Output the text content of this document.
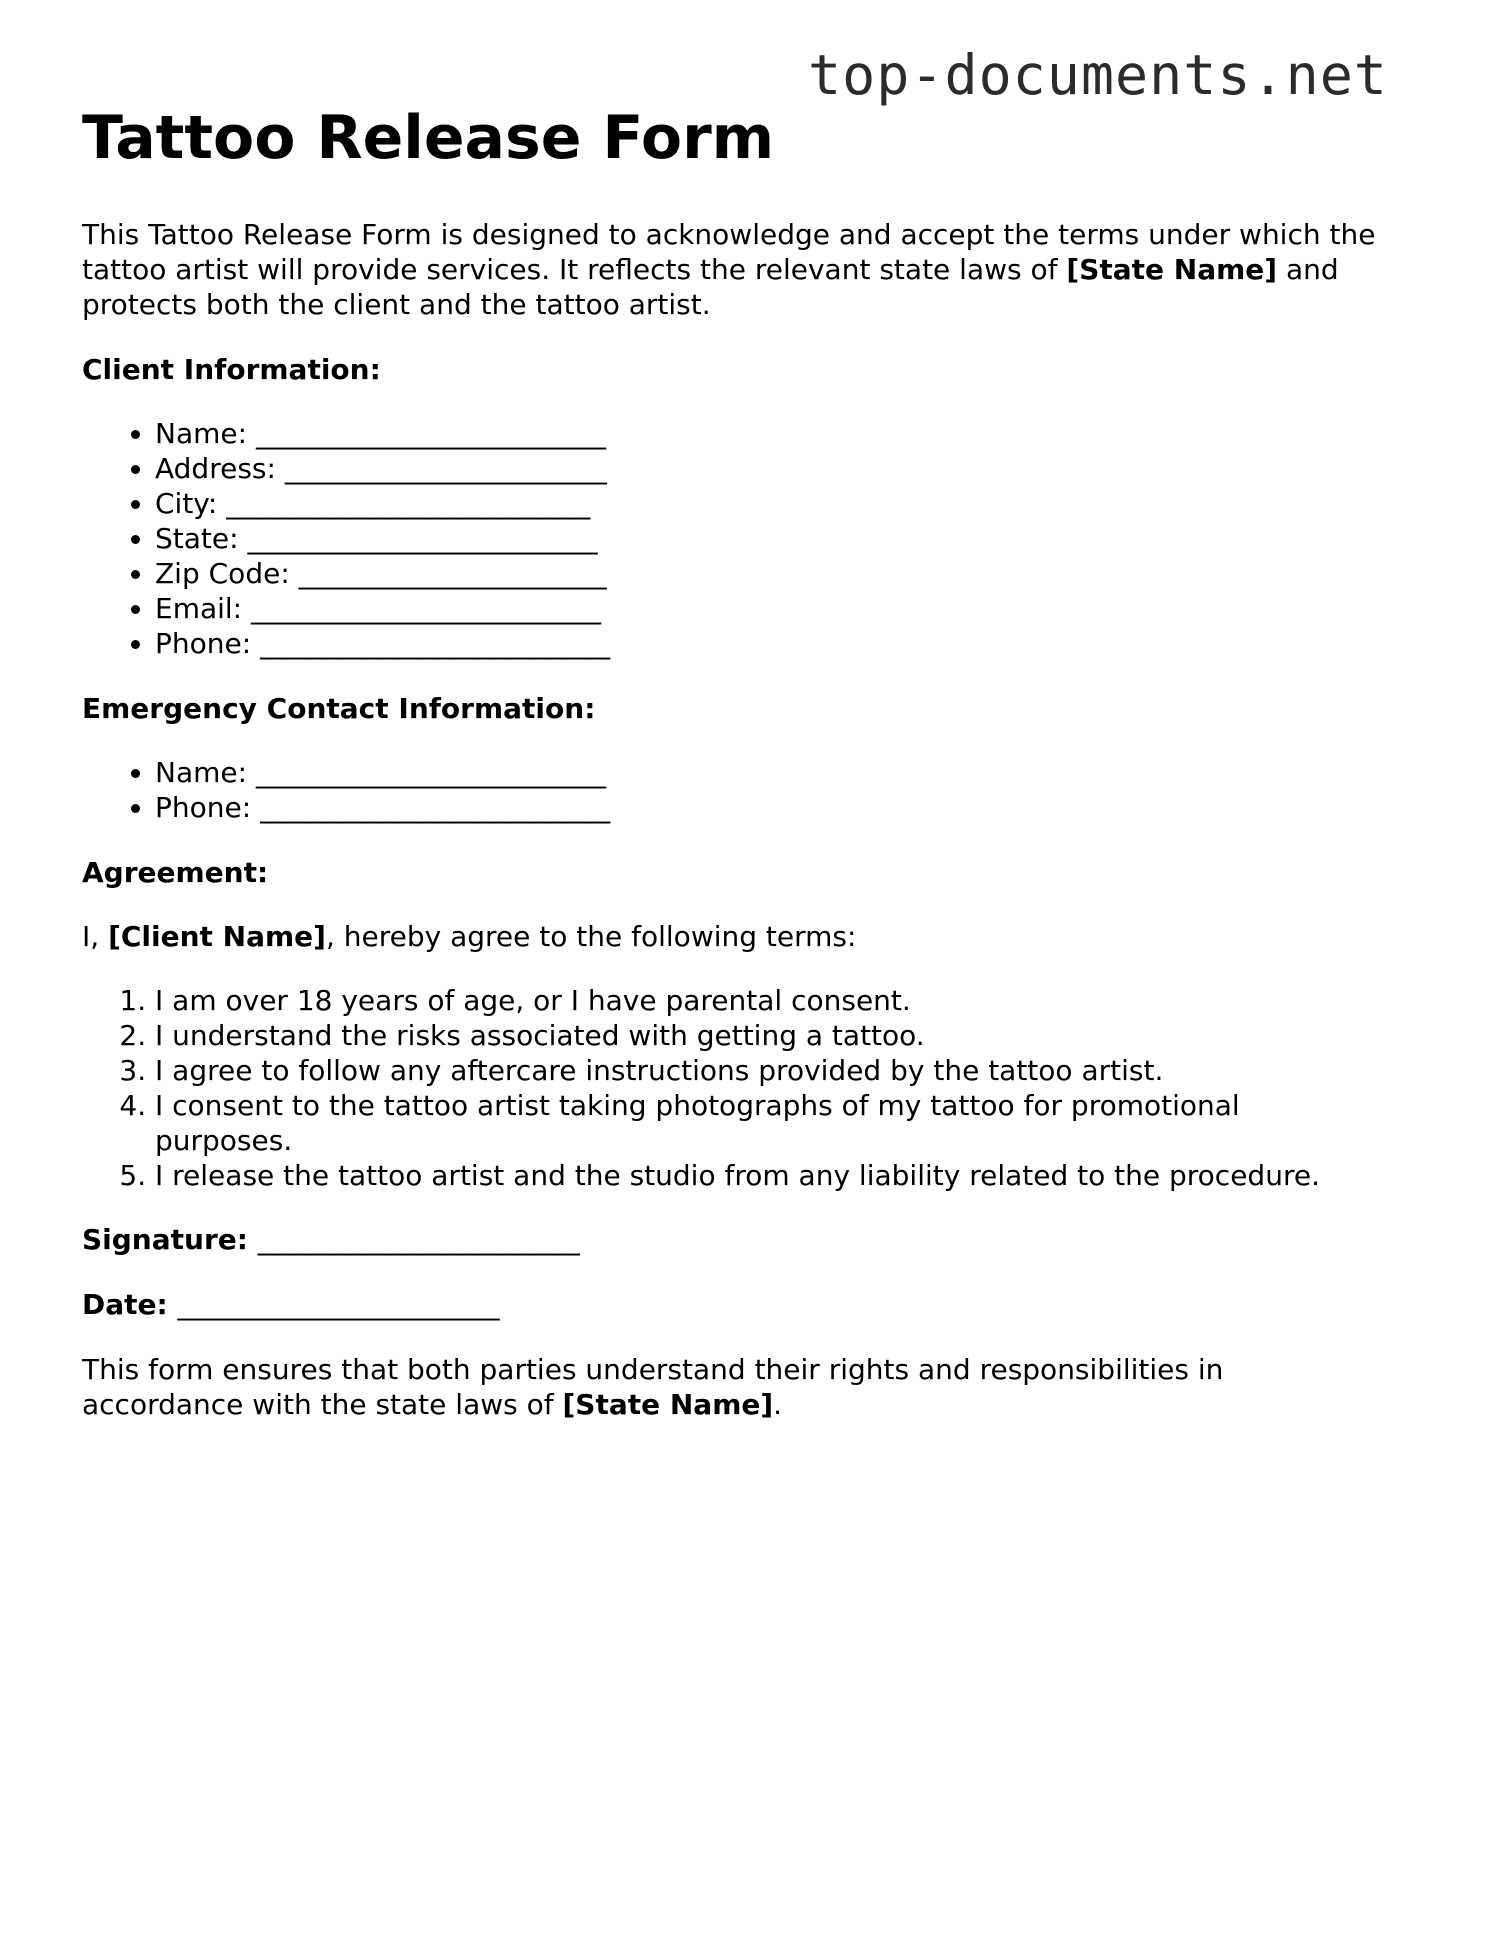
top-documents.net
Tattoo Release Form

This Tattoo Release Form is designed to acknowledge and accept the terms under which the tattoo artist will provide services. It reflects the relevant state laws of [State Name] and protects both the client and the tattoo artist.

Client Information:
• Name: _________________________
• Address: _______________________
• City: __________________________
• State: _________________________
• Zip Code: ______________________
• Email: _________________________
• Phone: _________________________
Emergency Contact Information:
• Name: _________________________
• Phone: _________________________
Agreement:

I, [Client Name], hereby agree to the following terms:

1. I am over 18 years of age, or I have parental consent.
2. I understand the risks associated with getting a tattoo.
3. I agree to follow any aftercare instructions provided by the tattoo artist.
4. I consent to the tattoo artist taking photographs of my tattoo for promotional purposes.
5. I release the tattoo artist and the studio from any liability related to the procedure.
Signature: _______________________
Date: _______________________

This form ensures that both parties understand their rights and responsibilities in accordance with the state laws of [State Name].
